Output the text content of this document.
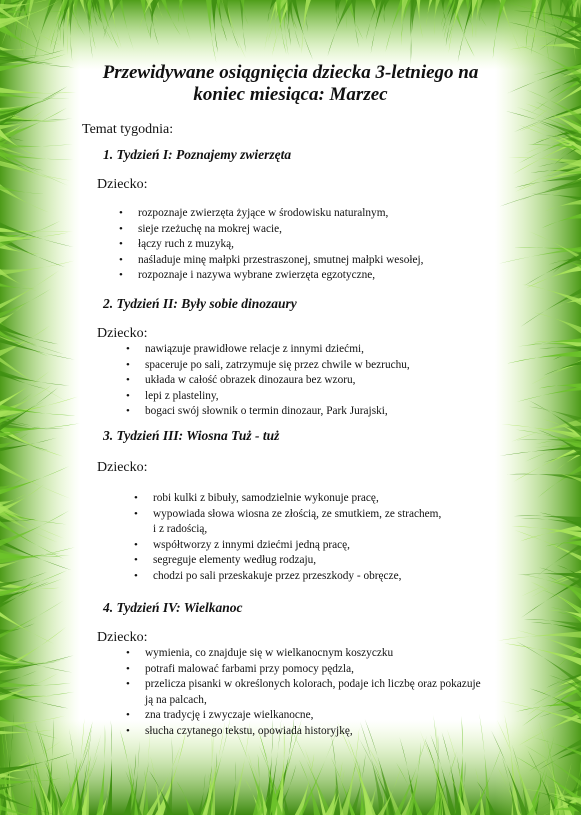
Przewidywane osiągnięcia dziecka 3-letniego na
koniec miesiąca: Marzec

Temat tygodnia:

1. Tydzień I: Poznajemy zwierzęta

Dziecko:

• rozpoznaje zwierzęta żyjące w środowisku naturalnym,
• sieje rzeżuchę na mokrej wacie,
• łączy ruch z muzyką,
• naśladuje minę małpki przestraszonej, smutnej małpki wesołej,
• rozpoznaje i nazywa wybrane zwierzęta egzotyczne,

2. Tydzień II: Były sobie dinozaury

Dziecko:

• nawiązuje prawidłowe relacje z innymi dziećmi,
• spaceruje po sali, zatrzymuje się przez chwile w bezruchu,
• układa w całość obrazek dinozaura bez wzoru,
• lepi z plasteliny,
• bogaci swój słownik o termin dinozaur, Park Jurajski,

3. Tydzień III: Wiosna Tuż - tuż

Dziecko:

• robi kulki z bibuły, samodzielnie wykonuje pracę,
• wypowiada słowa wiosna ze złością, ze smutkiem, ze strachem,
i z radością,
• współtworzy z innymi dziećmi jedną pracę,
• segreguje elementy według rodzaju,
• chodzi po sali przeskakuje przez przeszkody - obręcze,

4. Tydzień IV: Wielkanoc

Dziecko:

• wymienia, co znajduje się w wielkanocnym koszyczku
• potrafi malować farbami przy pomocy pędzla,
• przelicza pisanki w określonych kolorach, podaje ich liczbę oraz pokazuje
ją na palcach,
• zna tradycję i zwyczaje wielkanocne,
• słucha czytanego tekstu, opowiada historyjkę,
